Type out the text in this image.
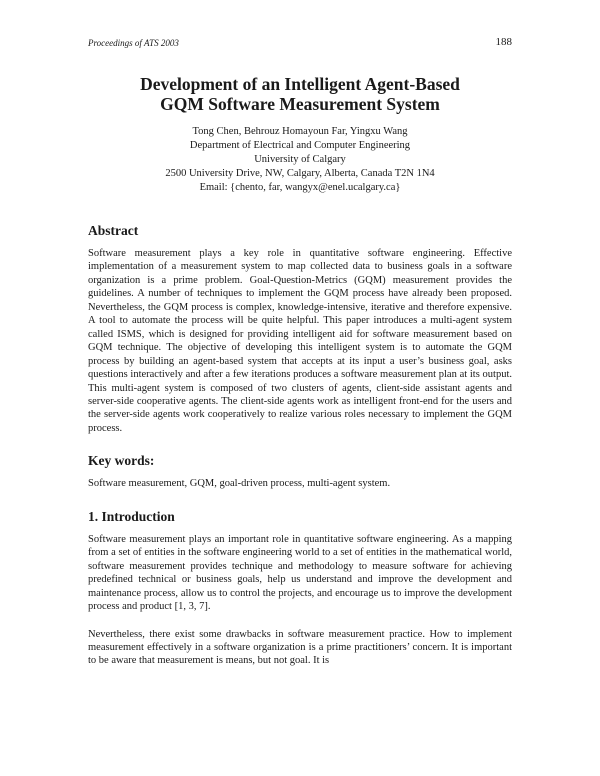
Proceedings of ATS 2003	188
Development of an Intelligent Agent-Based
GQM Software Measurement System
Tong Chen, Behrouz Homayoun Far, Yingxu Wang
Department of Electrical and Computer Engineering
University of Calgary
2500 University Drive, NW, Calgary, Alberta, Canada T2N 1N4
Email: {chento, far, wangyx@enel.ucalgary.ca}
Abstract

Software measurement plays a key role in quantitative software engineering. Effective implementation of a measurement system to map collected data to business goals in a software organization is a prime problem. Goal-Question-Metrics (GQM) measurement provides the guidelines. A number of techniques to implement the GQM process have already been proposed. Nevertheless, the GQM process is complex, knowledge-intensive, iterative and therefore expensive. A tool to automate the process will be quite helpful. This paper introduces a multi-agent system called ISMS, which is designed for providing intelligent aid for software measurement based on GQM technique. The objective of developing this intelligent system is to automate the GQM process by building an agent-based system that accepts at its input a user’s business goal, asks questions interactively and after a few iterations produces a software measurement plan at its output. This multi-agent system is composed of two clusters of agents, client-side assistant agents and server-side cooperative agents. The client-side agents work as intelligent front-end for the users and the server-side agents work cooperatively to realize various roles necessary to implement the GQM process.

Key words:

Software measurement, GQM, goal-driven process, multi-agent system.

1. Introduction

Software measurement plays an important role in quantitative software engineering. As a mapping from a set of entities in the software engineering world to a set of entities in the mathematical world, software measurement provides technique and methodology to measure software for achieving predefined technical or business goals, help us understand and improve the development and maintenance process, allow us to control the projects, and encourage us to improve the development process and product [1, 3, 7].

Nevertheless, there exist some drawbacks in software measurement practice. How to implement measurement effectively in a software organization is a prime practitioners’ concern. It is important to be aware that measurement is means, but not goal. It is
